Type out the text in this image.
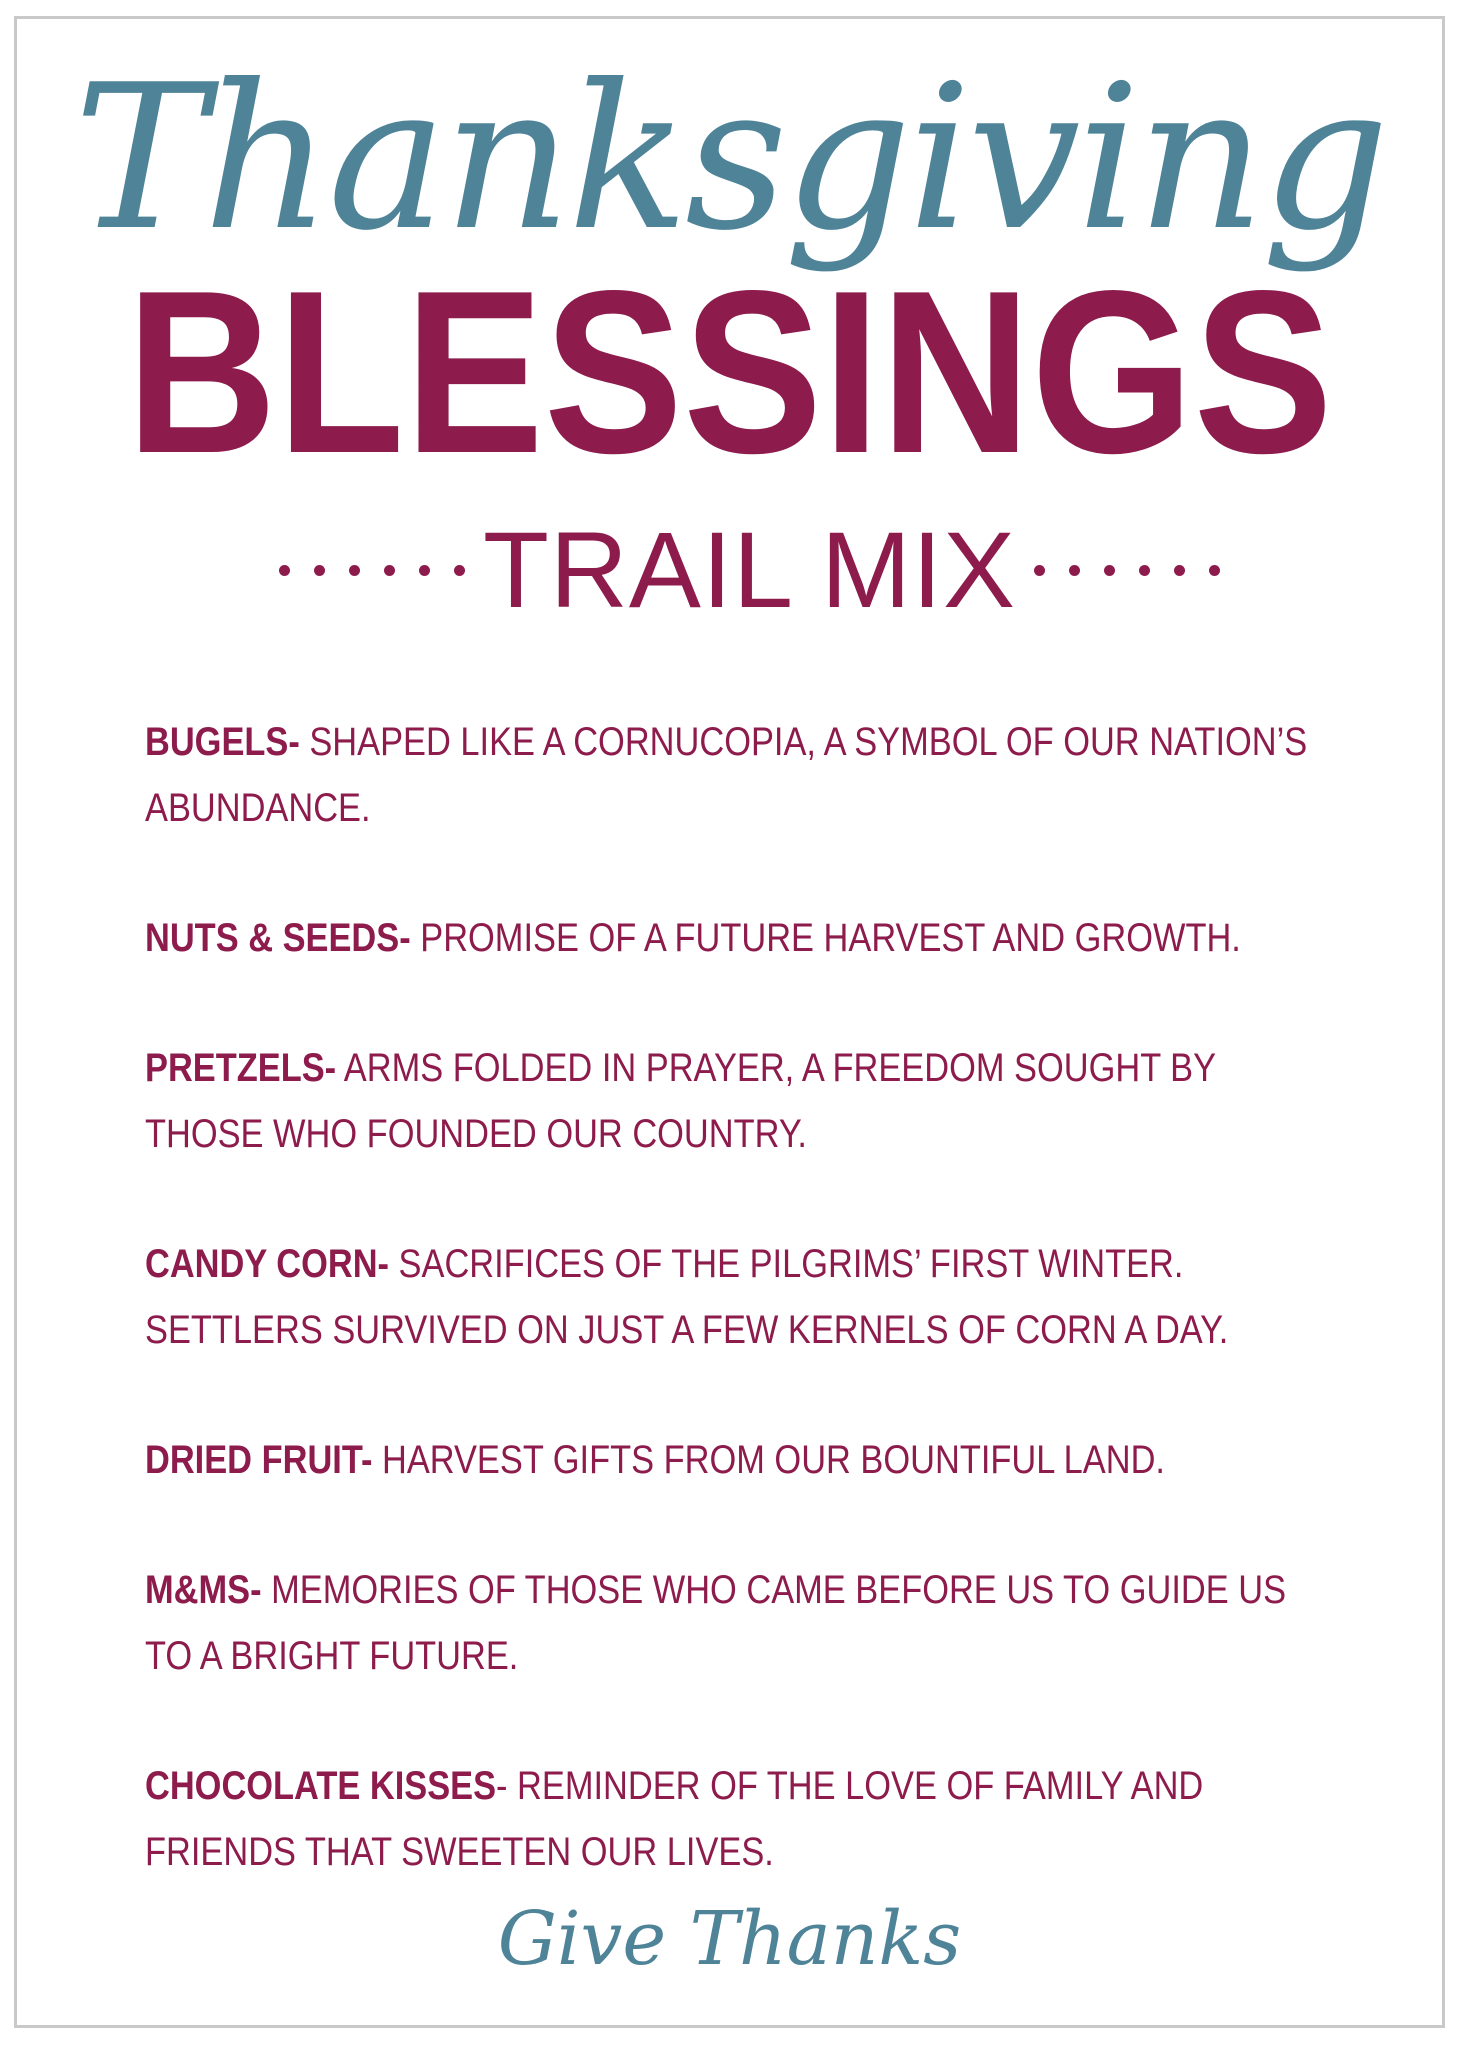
Thanksgiving
BLESSINGS
TRAIL MIX
BUGELS- SHAPED LIKE A CORNUCOPIA, A SYMBOL OF OUR NATION’S ABUNDANCE.
NUTS & SEEDS- PROMISE OF A FUTURE HARVEST AND GROWTH.
PRETZELS- ARMS FOLDED IN PRAYER, A FREEDOM SOUGHT BY THOSE WHO FOUNDED OUR COUNTRY.
CANDY CORN- SACRIFICES OF THE PILGRIMS’ FIRST WINTER. SETTLERS SURVIVED ON JUST A FEW KERNELS OF CORN A DAY.
DRIED FRUIT- HARVEST GIFTS FROM OUR BOUNTIFUL LAND.
M&MS- MEMORIES OF THOSE WHO CAME BEFORE US TO GUIDE US TO A BRIGHT FUTURE.
CHOCOLATE KISSES- REMINDER OF THE LOVE OF FAMILY AND FRIENDS THAT SWEETEN OUR LIVES.
Give Thanks
